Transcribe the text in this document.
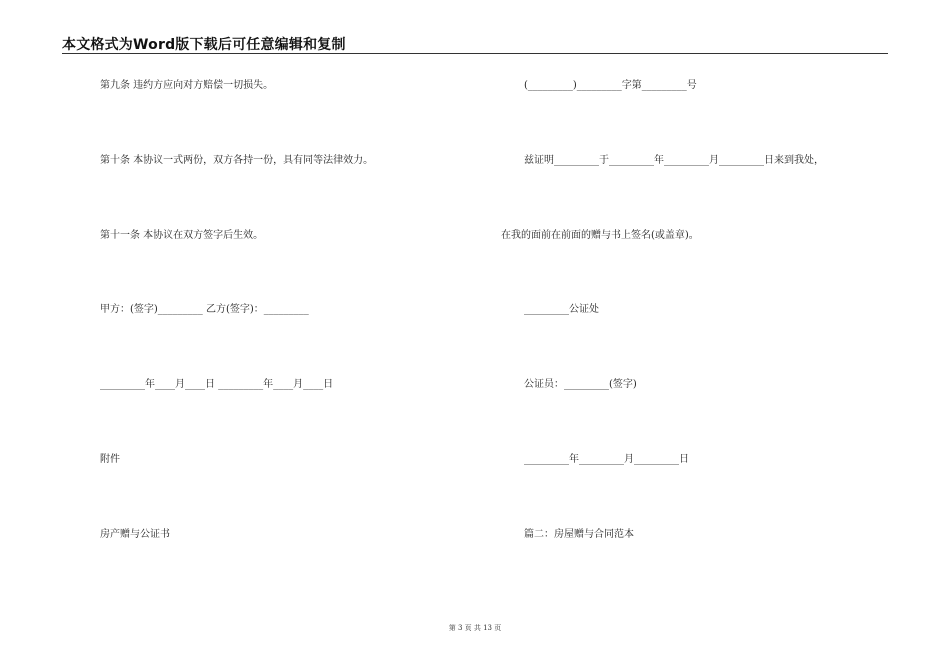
本文格式为Word版下载后可任意编辑和复制
第九条 违约方应向对方赔偿一切损失。
第十条 本协议一式两份，双方各持一份，具有同等法律效力。
第十一条 本协议在双方签字后生效。
甲方：(签字)_________ 乙方(签字)：_________
_________年____月____日 _________年____月____日
附件
房产赠与公证书
(_________)_________字第_________号
兹证明_________于_________年_________月_________日来到我处，
在我的面前在前面的赠与书上签名(或盖章)。
_________公证处
公证员：_________(签字)
_________年_________月_________日
篇二：房屋赠与合同范本
第 3 页 共 13 页
